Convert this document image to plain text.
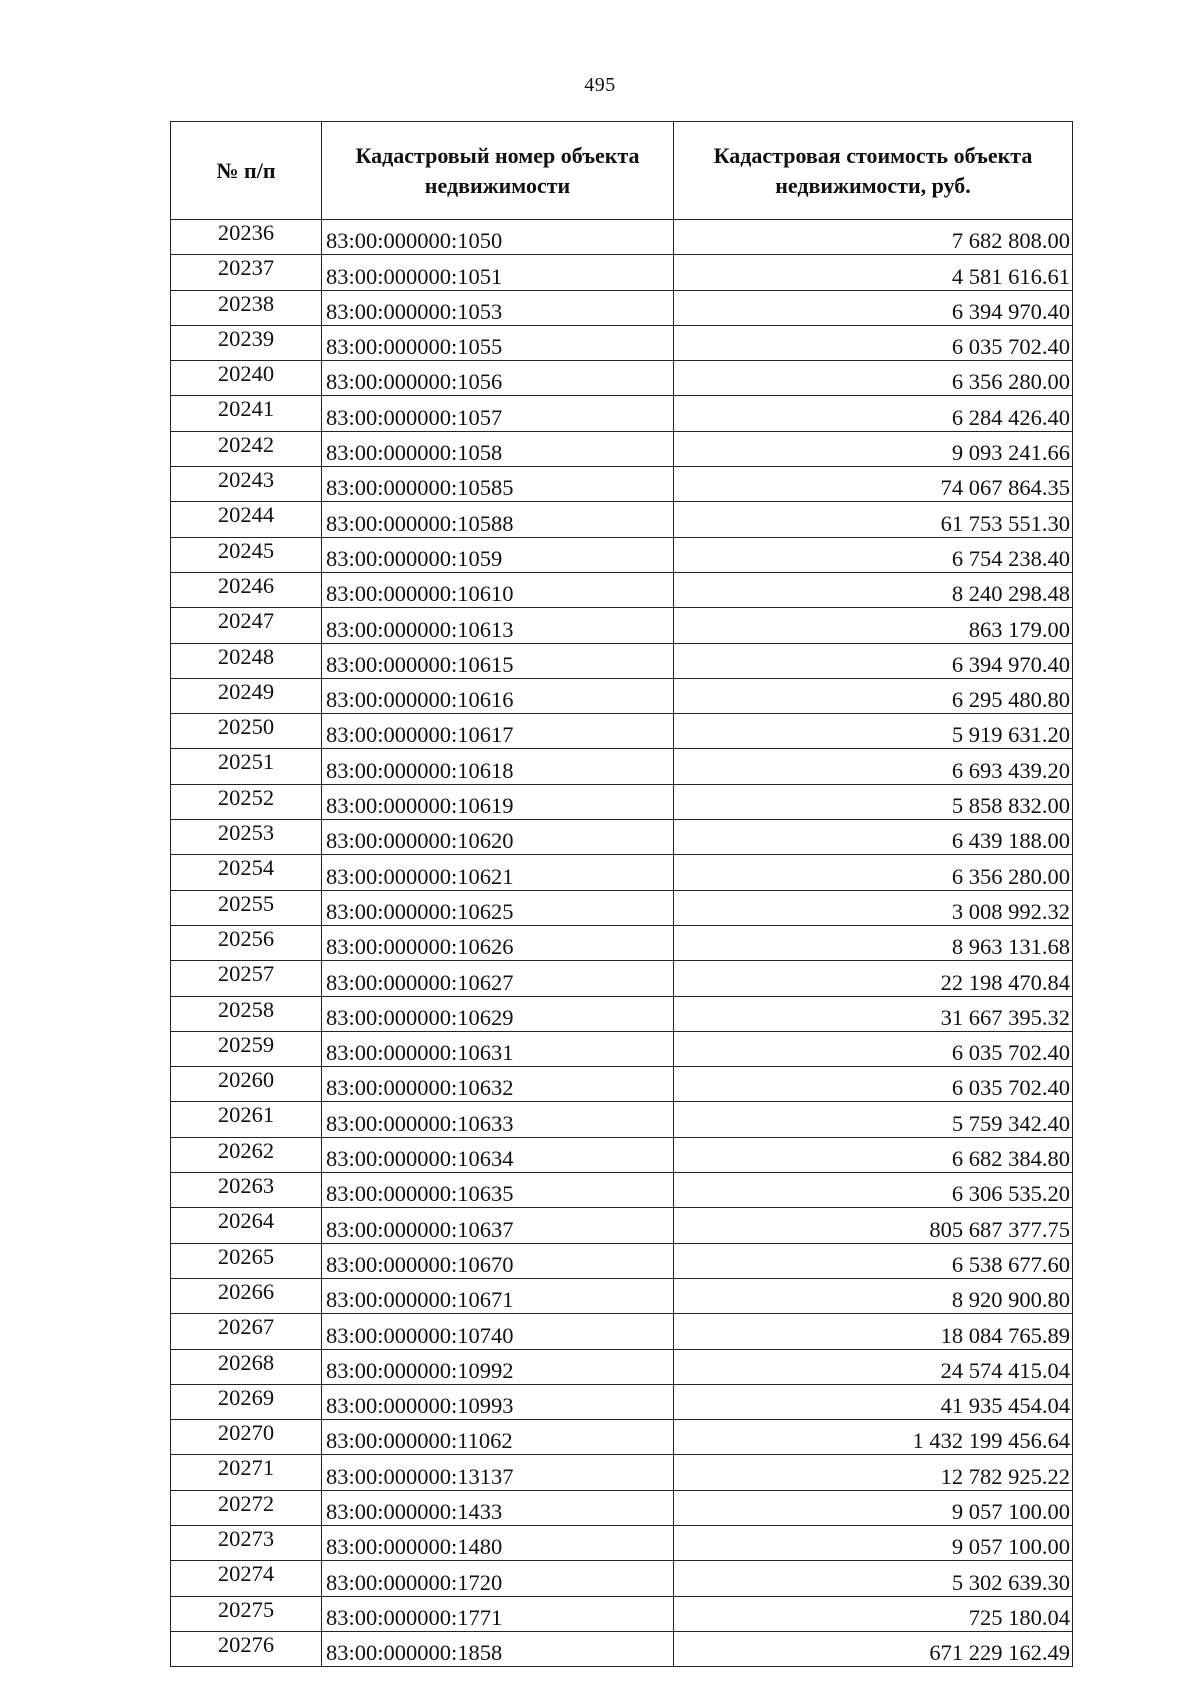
495
№ п/п	Кадастровый номер объекта недвижимости	Кадастровая стоимость объекта недвижимости, руб.
20236	83:00:000000:1050	7 682 808.00
20237	83:00:000000:1051	4 581 616.61
20238	83:00:000000:1053	6 394 970.40
20239	83:00:000000:1055	6 035 702.40
20240	83:00:000000:1056	6 356 280.00
20241	83:00:000000:1057	6 284 426.40
20242	83:00:000000:1058	9 093 241.66
20243	83:00:000000:10585	74 067 864.35
20244	83:00:000000:10588	61 753 551.30
20245	83:00:000000:1059	6 754 238.40
20246	83:00:000000:10610	8 240 298.48
20247	83:00:000000:10613	863 179.00
20248	83:00:000000:10615	6 394 970.40
20249	83:00:000000:10616	6 295 480.80
20250	83:00:000000:10617	5 919 631.20
20251	83:00:000000:10618	6 693 439.20
20252	83:00:000000:10619	5 858 832.00
20253	83:00:000000:10620	6 439 188.00
20254	83:00:000000:10621	6 356 280.00
20255	83:00:000000:10625	3 008 992.32
20256	83:00:000000:10626	8 963 131.68
20257	83:00:000000:10627	22 198 470.84
20258	83:00:000000:10629	31 667 395.32
20259	83:00:000000:10631	6 035 702.40
20260	83:00:000000:10632	6 035 702.40
20261	83:00:000000:10633	5 759 342.40
20262	83:00:000000:10634	6 682 384.80
20263	83:00:000000:10635	6 306 535.20
20264	83:00:000000:10637	805 687 377.75
20265	83:00:000000:10670	6 538 677.60
20266	83:00:000000:10671	8 920 900.80
20267	83:00:000000:10740	18 084 765.89
20268	83:00:000000:10992	24 574 415.04
20269	83:00:000000:10993	41 935 454.04
20270	83:00:000000:11062	1 432 199 456.64
20271	83:00:000000:13137	12 782 925.22
20272	83:00:000000:1433	9 057 100.00
20273	83:00:000000:1480	9 057 100.00
20274	83:00:000000:1720	5 302 639.30
20275	83:00:000000:1771	725 180.04
20276	83:00:000000:1858	671 229 162.49
